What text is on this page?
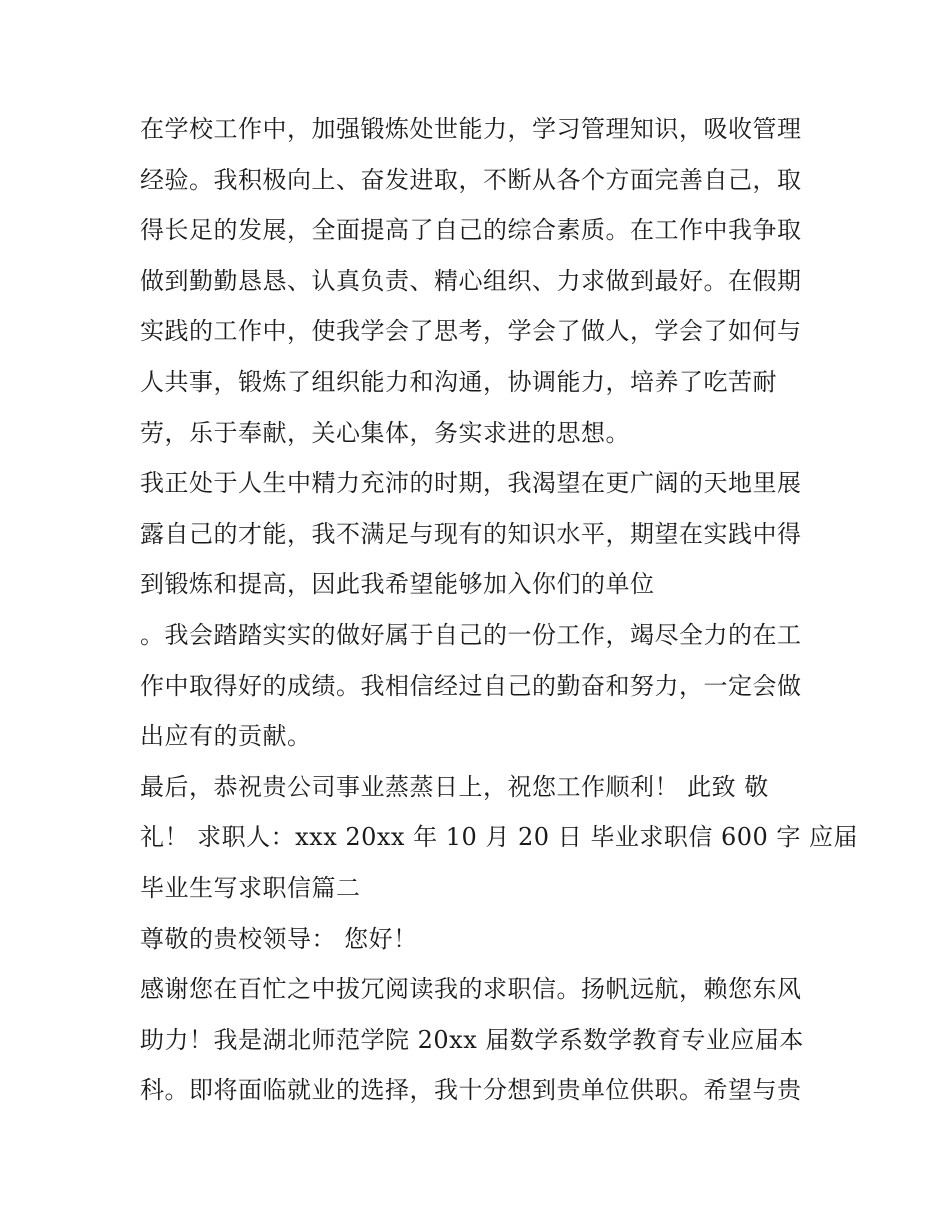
在学校工作中，加强锻炼处世能力，学习管理知识，吸收管理
经验。我积极向上、奋发进取，不断从各个方面完善自己，取
得长足的发展，全面提高了自己的综合素质。在工作中我争取
做到勤勤恳恳、认真负责、精心组织、力求做到最好。在假期
实践的工作中，使我学会了思考，学会了做人，学会了如何与
人共事，锻炼了组织能力和沟通，协调能力，培养了吃苦耐
劳，乐于奉献，关心集体，务实求进的思想。
我正处于人生中精力充沛的时期，我渴望在更广阔的天地里展
露自己的才能，我不满足与现有的知识水平，期望在实践中得
到锻炼和提高，因此我希望能够加入你们的单位
。我会踏踏实实的做好属于自己的一份工作，竭尽全力的在工
作中取得好的成绩。我相信经过自己的勤奋和努力，一定会做
出应有的贡献。
最后，恭祝贵公司事业蒸蒸日上，祝您工作顺利！ 此致 敬
礼！ 求职人：xxx 20xx 年 10 月 20 日 毕业求职信 600 字 应届
毕业生写求职信篇二
尊敬的贵校领导： 您好！
感谢您在百忙之中拔冗阅读我的求职信。扬帆远航，赖您东风
助力！我是湖北师范学院 20xx 届数学系数学教育专业应届本
科。即将面临就业的选择，我十分想到贵单位供职。希望与贵
